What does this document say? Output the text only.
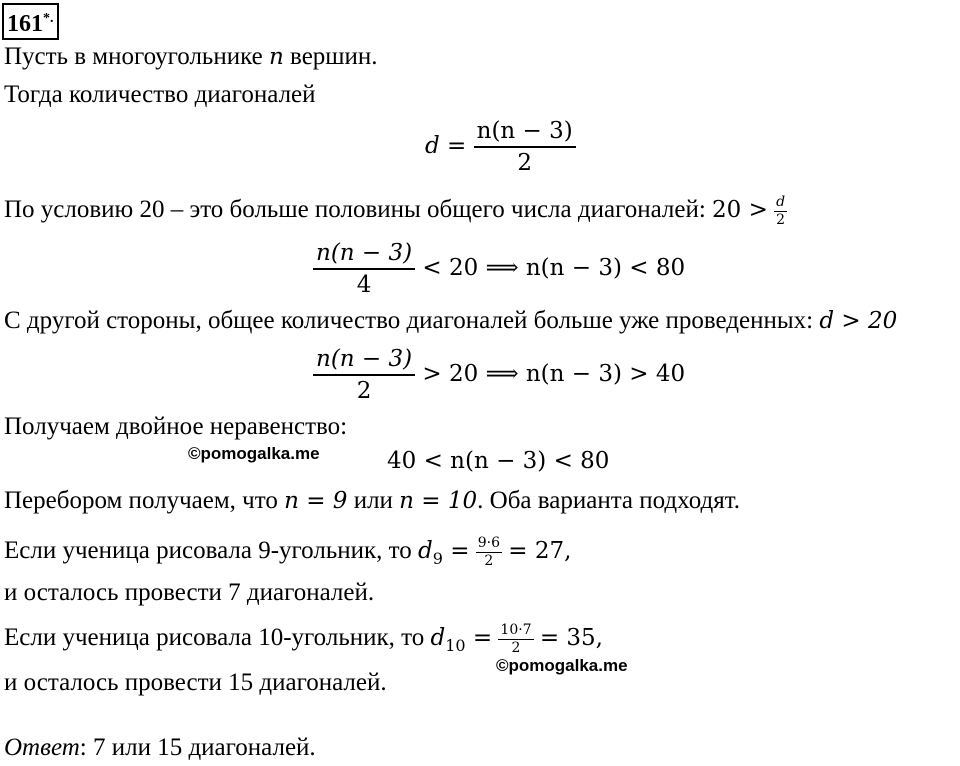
161*.
Пусть в многоугольнике n вершин.
Тогда количество диагоналей
$d = \frac{n(n - 3)}{2}$
По условию 20 – это больше половины общего числа диагоналей: $20 > \frac{d}{2}$
$\frac{n(n - 3)}{4} < 20$ ⟹ n(n − 3) < 80
С другой стороны, общее количество диагоналей больше уже проведенных: d > 20
$\frac{n(n - 3)}{2} > 20$ ⟹ n(n − 3) > 40
Получаем двойное неравенство:
©pomogalka.me	40 < n(n − 3) < 80
Перебором получаем, что n = 9 или n = 10. Оба варианта подходят.
Если ученица рисовала 9-угольник, то $d_9 = \frac{9\cdot 6}{2} = 27$,
и осталось провести 7 диагоналей.
Если ученица рисовала 10-угольник, то $d_{10} = \frac{10\cdot 7}{2} = 35$,
©pomogalka.me
и осталось провести 15 диагоналей.
Ответ: 7 или 15 диагоналей.
